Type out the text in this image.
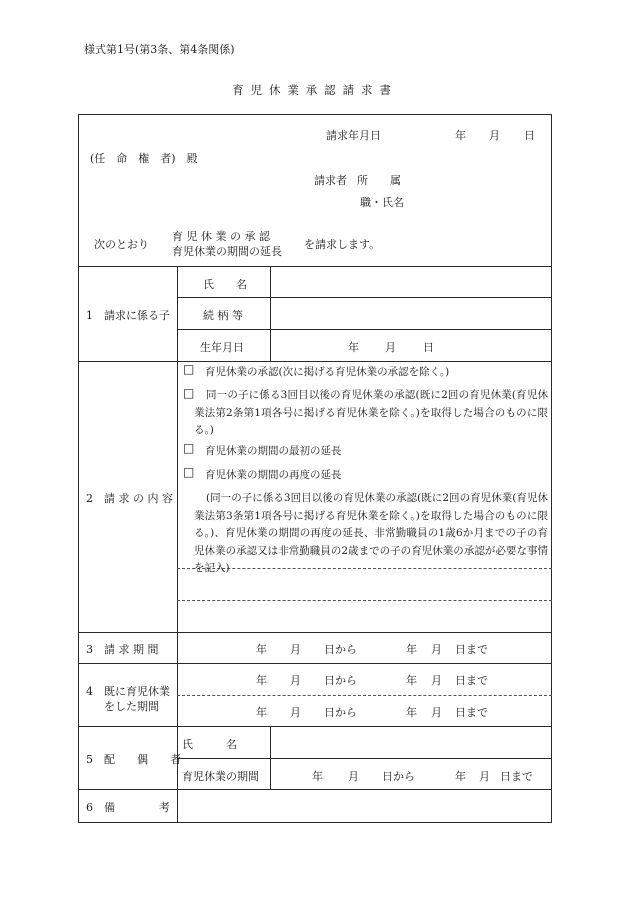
様式第1号(第3条、第4条関係)
育児休業承認請求書
請求年月日	年 月 日
(任　命　権　者)　殿
請求者 所　　属
職・氏名
次のとおり
育 児 休 業 の 承 認
育児休業の期間の延長
を請求します。
1　請求に係る子
氏　　名
続 柄 等
生年月日	年 月 日
2　請 求 の 内 容
□ 育児休業の承認(次に掲げる育児休業の承認を除く。)
□	同一の子に係る3回目以後の育児休業の承認(既に2回の育児休業(育児休業法第2条第1項各号に掲げる育児休業を除く。)を取得した場合のものに限る。)
□ 育児休業の期間の最初の延長
□ 育児休業の期間の再度の延長
(同一の子に係る3回目以後の育児休業の承認(既に2回の育児休業(育児休業法第3条第1項各号に掲げる育児休業を除く。)を取得した場合のものに限る。)、育児休業の期間の再度の延長、非常勤職員の1歳6か月までの子の育児休業の承認又は非常勤職員の2歳までの子の育児休業の承認が必要な事情を記入)
3　請 求 期 間	年 月 日から	年 月 日まで
4　既に育児休業
をした期間
年 月 日から	年 月 日まで
年 月 日から	年 月 日まで
5　配　　偶　　者
氏　　　名
育児休業の期間	年 月 日から	年 月 日まで
6　備　　　　考
